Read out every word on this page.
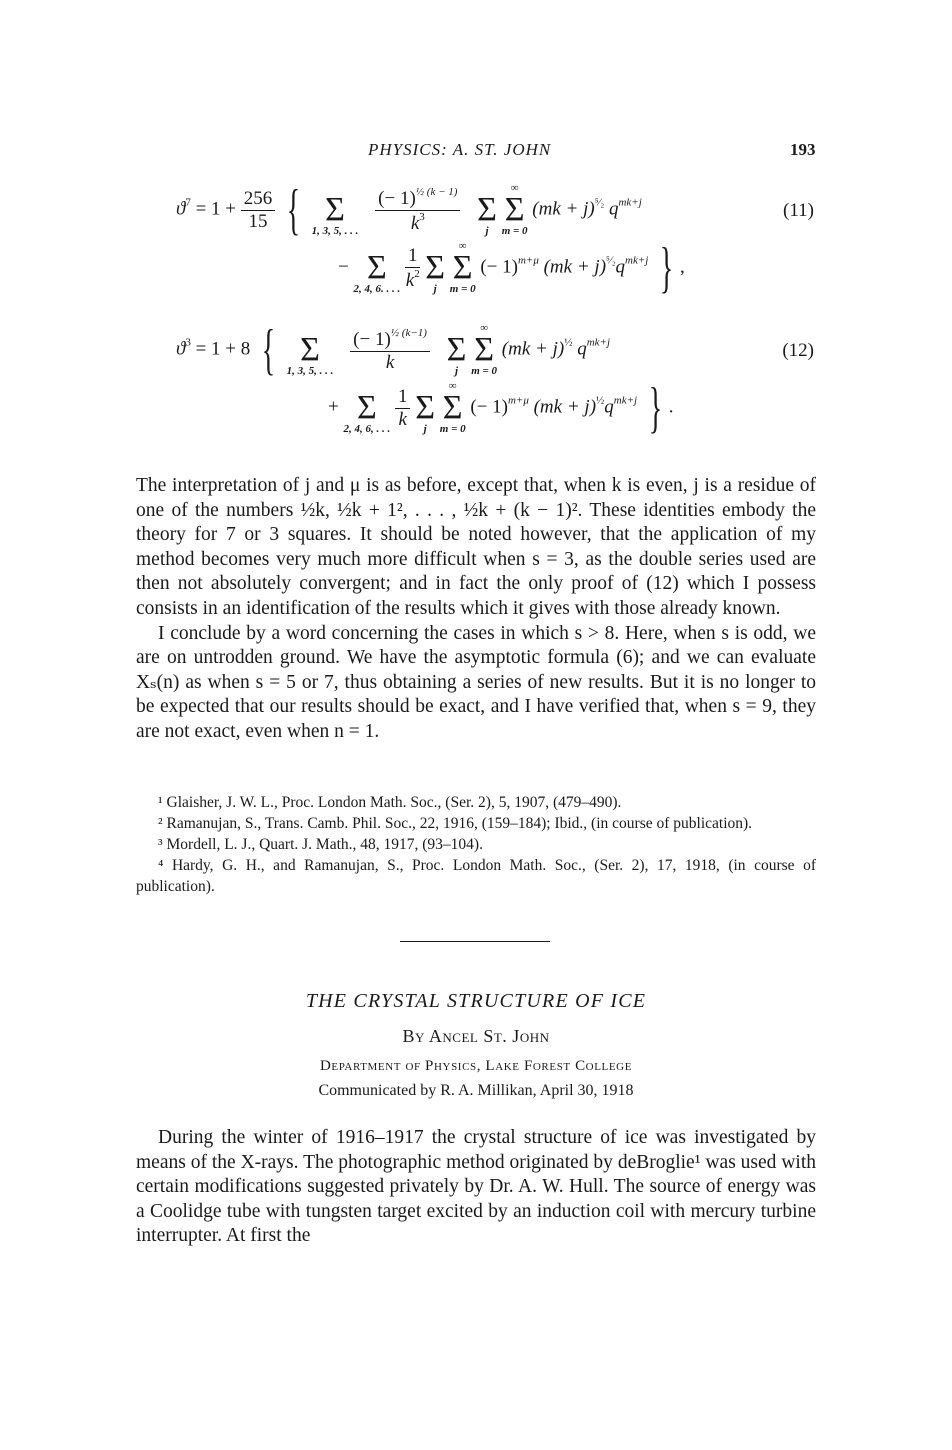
PHYSICS: A. ST. JOHN	193
$ϑ^7 = 1 + \frac{256}{15}$ { Σ
1, 3, 5, . . .
$\frac{(- 1)^{\frac{1}{2} (k - 1)}}{k^3}$
Σ
j

∞
Σ
m = 0
(mk + j)$^{^5⁄_2}$ $q^{mk+j}$	(11)
− Σ
2, 4, 6. . . .
$\frac{1}{k^2}$
Σ
j

∞
Σ
m = 0
(− 1)$^{m+\mu}$ $(mk + j)^{^5⁄_2}q^{mk+j}$ } ,
$ϑ^3 = 1 + 8$ { Σ
1, 3, 5, . . .
$\frac{(- 1)^{\frac{1}{2} (k-1)}}{k}$
Σ
j

∞
Σ
m = 0
(mk + j)$^{\frac{1}{2}}$ $q^{mk+j}$	(12)
+ Σ
2, 4, 6, . . .
$\frac{1}{k}$
Σ
j

∞
Σ
m = 0
(− 1)$^{m+\mu}$ $(mk + j)^{\frac{1}{2}}q^{mk+j}$ } .

The interpretation of j and μ is as before, except that, when k is even, j is a residue of one of the numbers ½k, ½k + 1², . . . , ½k + (k − 1)². These identities embody the theory for 7 or 3 squares. It should be noted however, that the application of my method becomes very much more difficult when s = 3, as the double series used are then not absolutely convergent; and in fact the only proof of (12) which I possess consists in an identification of the results which it gives with those already known.

I conclude by a word concerning the cases in which s > 8. Here, when s is odd, we are on untrodden ground. We have the asymptotic formula (6); and we can evaluate Xₛ(n) as when s = 5 or 7, thus obtaining a series of new results. But it is no longer to be expected that our results should be exact, and I have verified that, when s = 9, they are not exact, even when n = 1.

¹ Glaisher, J. W. L., Proc. London Math. Soc., (Ser. 2), 5, 1907, (479–490).

² Ramanujan, S., Trans. Camb. Phil. Soc., 22, 1916, (159–184); Ibid., (in course of publication).

³ Mordell, L. J., Quart. J. Math., 48, 1917, (93–104).

⁴ Hardy, G. H., and Ramanujan, S., Proc. London Math. Soc., (Ser. 2), 17, 1918, (in course of publication).

THE CRYSTAL STRUCTURE OF ICE
By Ancel St. John
Department of Physics, Lake Forest College
Communicated by R. A. Millikan, April 30, 1918

During the winter of 1916–1917 the crystal structure of ice was investigated by means of the X-rays. The photographic method originated by deBroglie¹ was used with certain modifications suggested privately by Dr. A. W. Hull. The source of energy was a Coolidge tube with tungsten target excited by an induction coil with mercury turbine interrupter. At first the
